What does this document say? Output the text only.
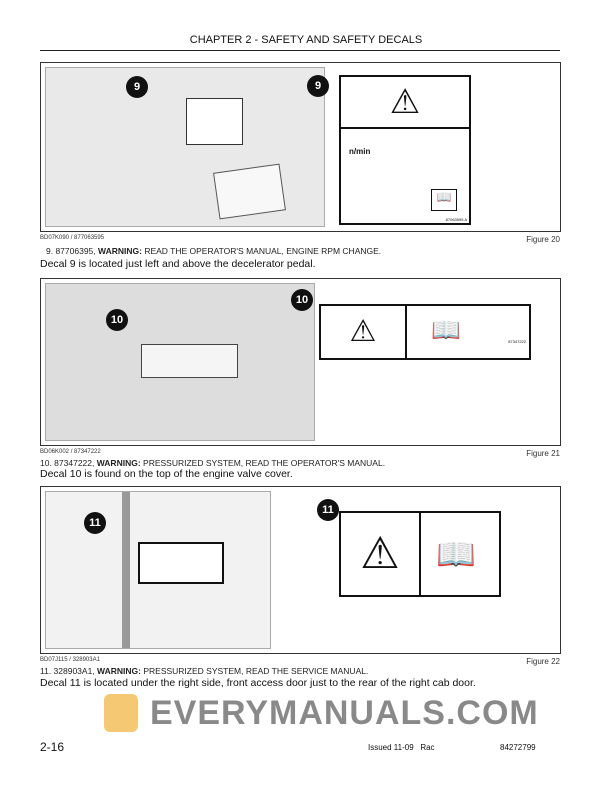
CHAPTER 2 - SAFETY AND SAFETY DECALS
9	9	⚠
n/min
📖
87063595 A
BD07K090 / 877063595	Figure 20
9. 87706395, WARNING: READ THE OPERATOR'S MANUAL, ENGINE RPM CHANGE.
Decal 9 is located just left and above the decelerator pedal.
10
10
⚠	📖	87347222
BD06K002 / 87347222	Figure 21
10. 87347222, WARNING: PRESSURIZED SYSTEM, READ THE OPERATOR'S MANUAL.
Decal 10 is found on the top of the engine valve cover.
11
11
⚠	📖
BD07J115 / 328903A1	Figure 22
11. 328903A1, WARNING: PRESSURIZED SYSTEM, READ THE SERVICE MANUAL.
Decal 11 is located under the right side, front access door just to the rear of the right cab door.
EVERYMANUALS.COM
2-16	Issued 11-09   Rac	84272799
